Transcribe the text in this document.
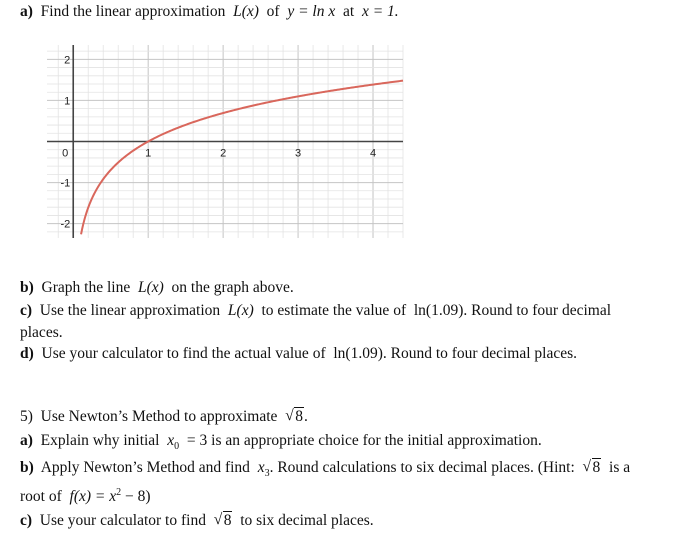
a) Find the linear approximation L(x) of y = ln x at x = 1.
1	2	3	4
2
1
-1
-2
0
b) Graph the line L(x) on the graph above.
c) Use the linear approximation L(x) to estimate the value of ln(1.09). Round to four decimal
places.
d) Use your calculator to find the actual value of ln(1.09). Round to four decimal places.
5) Use Newton’s Method to approximate √ 8.
a) Explain why initial $x_0 = 3$ is an appropriate choice for the initial approximation.
b) Apply Newton’s Method and find $x_3$. Round calculations to six decimal places. (Hint: √ 8 is a
root of $f(x) = x^2 - 8$)
c) Use your calculator to find √ 8 to six decimal places.
